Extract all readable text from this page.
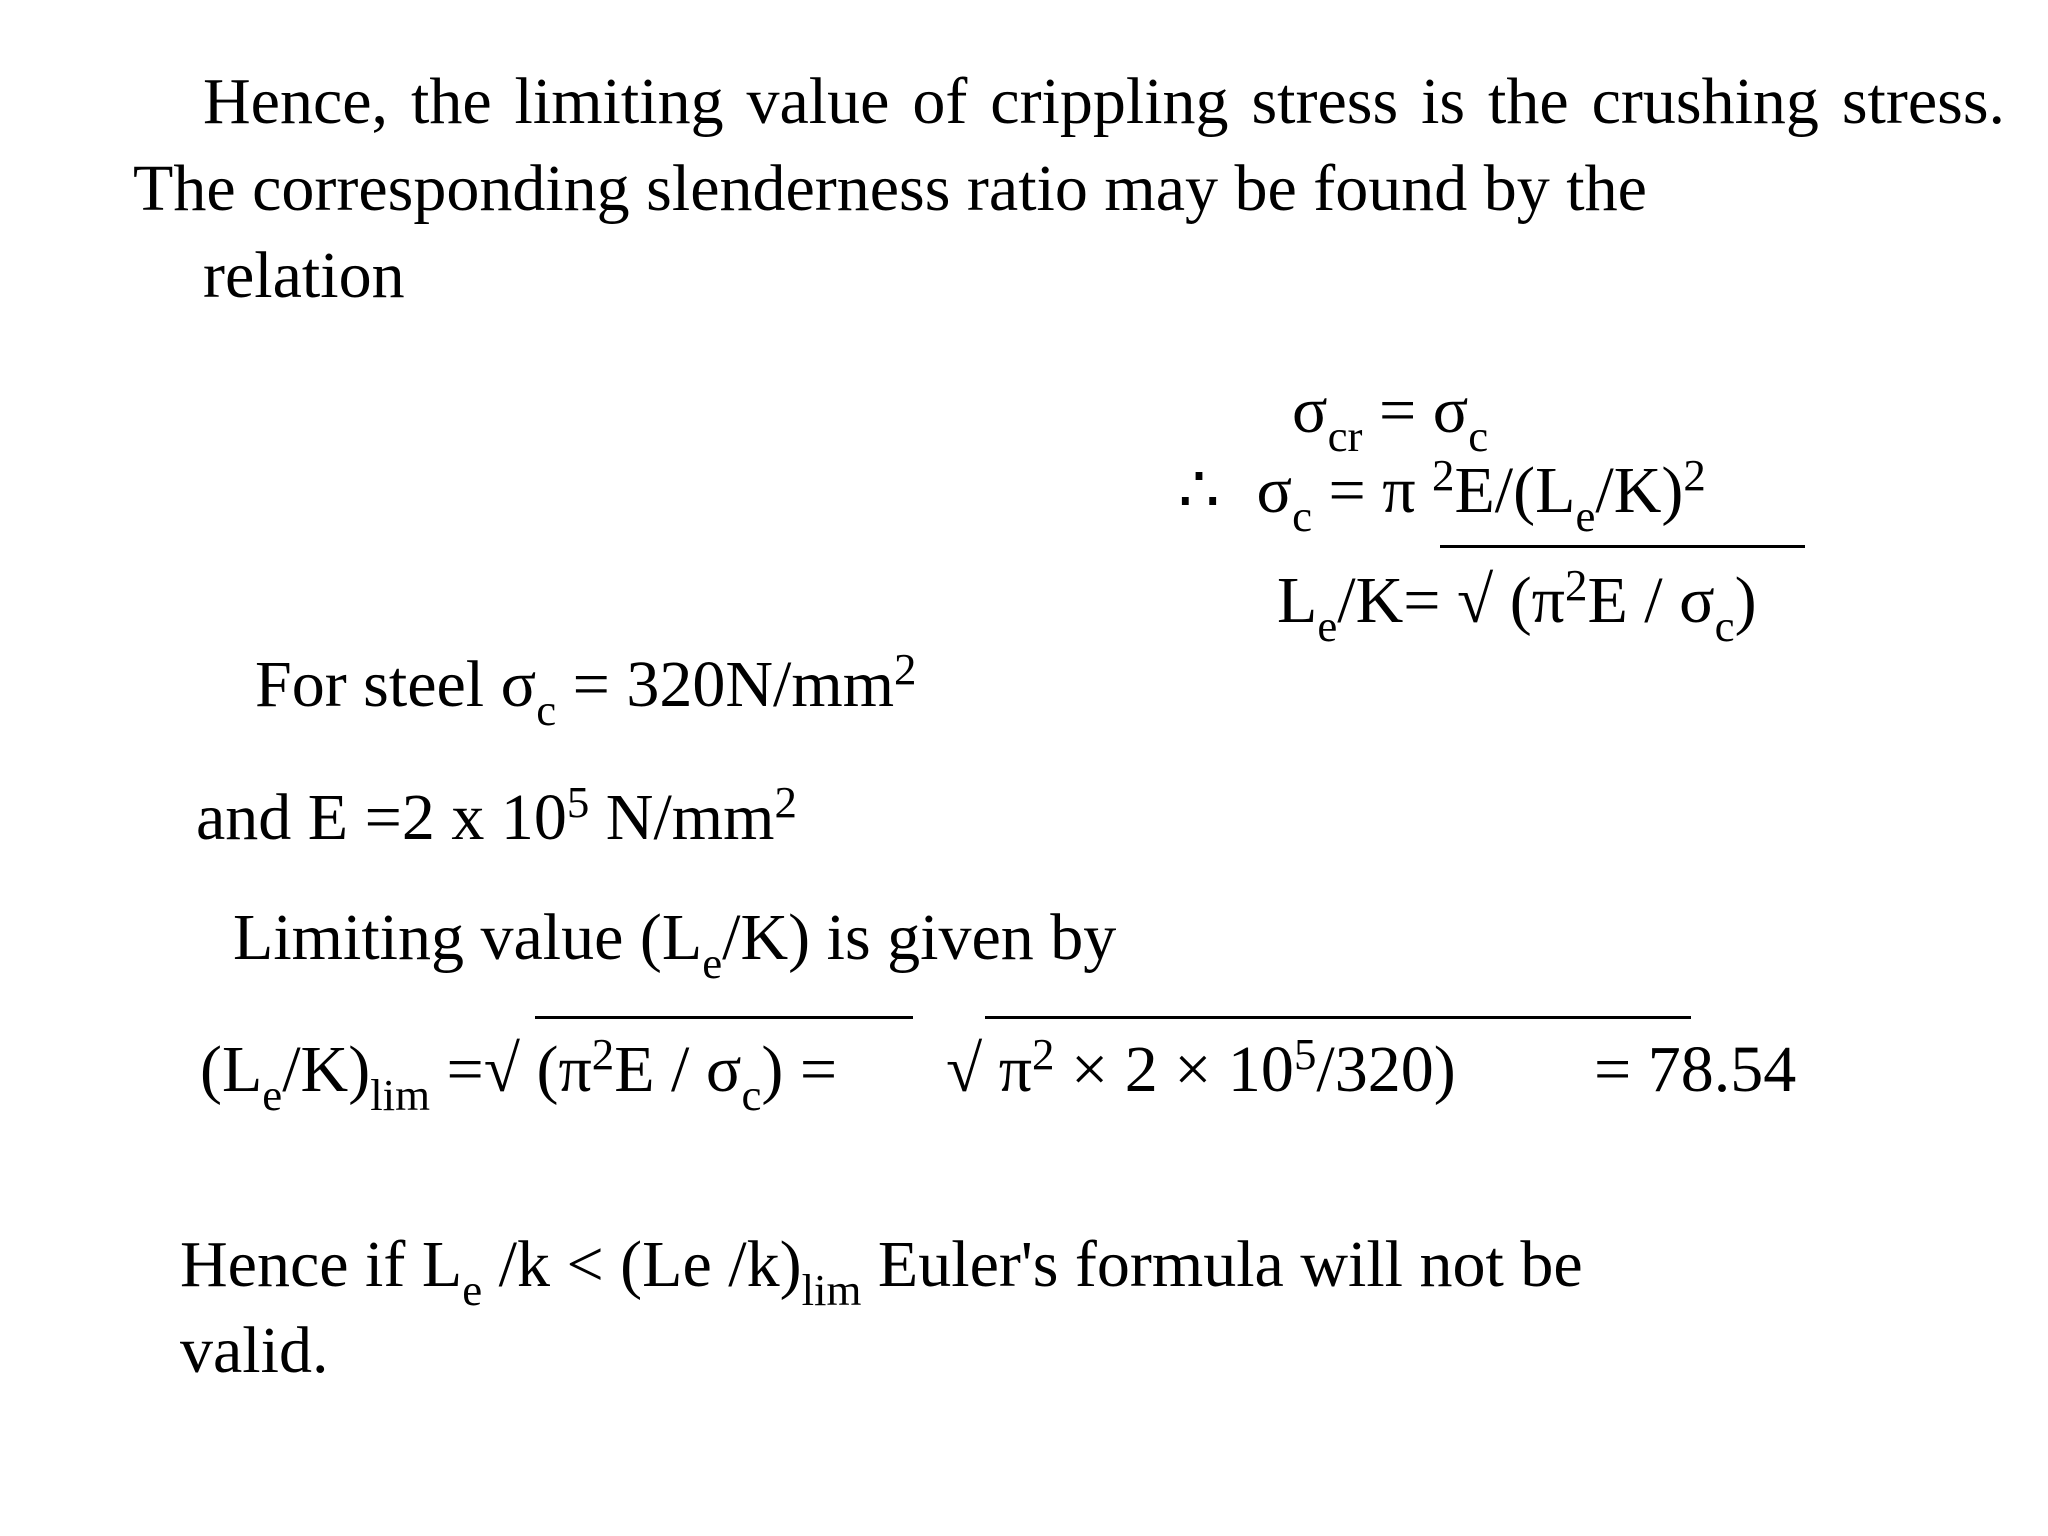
Hence, the limiting value of crippling stress is the crushing stress. The corresponding slenderness ratio may be found by the
relation
$\sigma_{cr} = \sigma_c$
∴ $\sigma_c = \pi$ $^2E/(L_e/K)^2$
$L_e/K=$ √ $(\pi^2E / \sigma_c)$
For steel $\sigma_c = 320N/mm^2$
and E =2 x $10^5$ $N/mm^2$
Limiting value $(L_e/K)$ is given by
$(L_e/K)_{lim}$ =√ $(\pi^2E / \sigma_c)$ = √ $\pi^2 \times 2 \times 10^5/320) = 78.54$
Hence if $L_e$ /k < (Le $/k)_{lim}$ Euler's formula will not be
valid.
